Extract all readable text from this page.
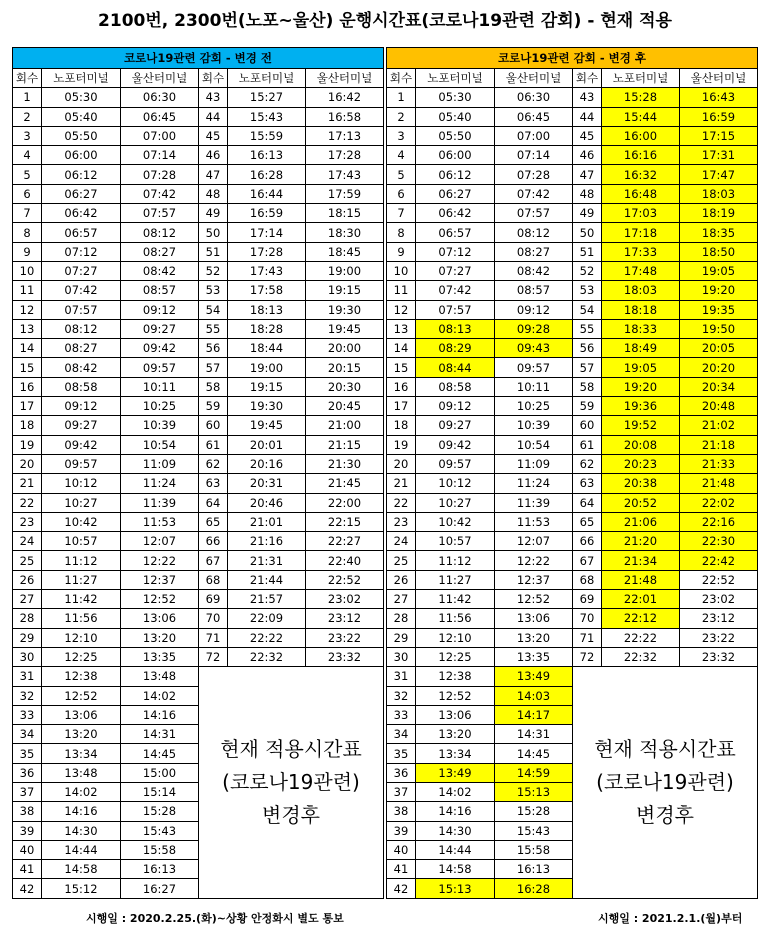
2100번, 2300번(노포~울산) 운행시간표(코로나19관련 감회) - 현재 적용
코로나19관련 감회 - 변경 전					
회수	노포터미널	울산터미널	회수	노포터미널	울산터미널
1	05:30	06:30	43	15:27	16:42
2	05:40	06:45	44	15:43	16:58
3	05:50	07:00	45	15:59	17:13
4	06:00	07:14	46	16:13	17:28
5	06:12	07:28	47	16:28	17:43
6	06:27	07:42	48	16:44	17:59
7	06:42	07:57	49	16:59	18:15
8	06:57	08:12	50	17:14	18:30
9	07:12	08:27	51	17:28	18:45
10	07:27	08:42	52	17:43	19:00
11	07:42	08:57	53	17:58	19:15
12	07:57	09:12	54	18:13	19:30
13	08:12	09:27	55	18:28	19:45
14	08:27	09:42	56	18:44	20:00
15	08:42	09:57	57	19:00	20:15
16	08:58	10:11	58	19:15	20:30
17	09:12	10:25	59	19:30	20:45
18	09:27	10:39	60	19:45	21:00
19	09:42	10:54	61	20:01	21:15
20	09:57	11:09	62	20:16	21:30
21	10:12	11:24	63	20:31	21:45
22	10:27	11:39	64	20:46	22:00
23	10:42	11:53	65	21:01	22:15
24	10:57	12:07	66	21:16	22:27
25	11:12	12:22	67	21:31	22:40
26	11:27	12:37	68	21:44	22:52
27	11:42	12:52	69	21:57	23:02
28	11:56	13:06	70	22:09	23:12
29	12:10	13:20	71	22:22	23:22
30	12:25	13:35	72	22:32	23:32
31	12:38	13:48	현재 적용시간표
(코로나19관련)
변경후		

32	12:52	14:02			
33	13:06	14:16			
34	13:20	14:31			
35	13:34	14:45			
36	13:48	15:00			
37	14:02	15:14			
38	14:16	15:28			
39	14:30	15:43			
40	14:44	15:58			
41	14:58	16:13			
42	15:12	16:27			
코로나19관련 감회 - 변경 후					
회수	노포터미널	울산터미널	회수	노포터미널	울산터미널
1	05:30	06:30	43	15:28	16:43
2	05:40	06:45	44	15:44	16:59
3	05:50	07:00	45	16:00	17:15
4	06:00	07:14	46	16:16	17:31
5	06:12	07:28	47	16:32	17:47
6	06:27	07:42	48	16:48	18:03
7	06:42	07:57	49	17:03	18:19
8	06:57	08:12	50	17:18	18:35
9	07:12	08:27	51	17:33	18:50
10	07:27	08:42	52	17:48	19:05
11	07:42	08:57	53	18:03	19:20
12	07:57	09:12	54	18:18	19:35
13	08:13	09:28	55	18:33	19:50
14	08:29	09:43	56	18:49	20:05
15	08:44	09:57	57	19:05	20:20
16	08:58	10:11	58	19:20	20:34
17	09:12	10:25	59	19:36	20:48
18	09:27	10:39	60	19:52	21:02
19	09:42	10:54	61	20:08	21:18
20	09:57	11:09	62	20:23	21:33
21	10:12	11:24	63	20:38	21:48
22	10:27	11:39	64	20:52	22:02
23	10:42	11:53	65	21:06	22:16
24	10:57	12:07	66	21:20	22:30
25	11:12	12:22	67	21:34	22:42
26	11:27	12:37	68	21:48	22:52
27	11:42	12:52	69	22:01	23:02
28	11:56	13:06	70	22:12	23:12
29	12:10	13:20	71	22:22	23:22
30	12:25	13:35	72	22:32	23:32
31	12:38	13:49	현재 적용시간표
(코로나19관련)
변경후		

32	12:52	14:03			
33	13:06	14:17			
34	13:20	14:31			
35	13:34	14:45			
36	13:49	14:59			
37	14:02	15:13			
38	14:16	15:28			
39	14:30	15:43			
40	14:44	15:58			
41	14:58	16:13			
42	15:13	16:28			
시행일 : 2020.2.25.(화)~상황 안정화시 별도 통보	시행일 : 2021.2.1.(월)부터
